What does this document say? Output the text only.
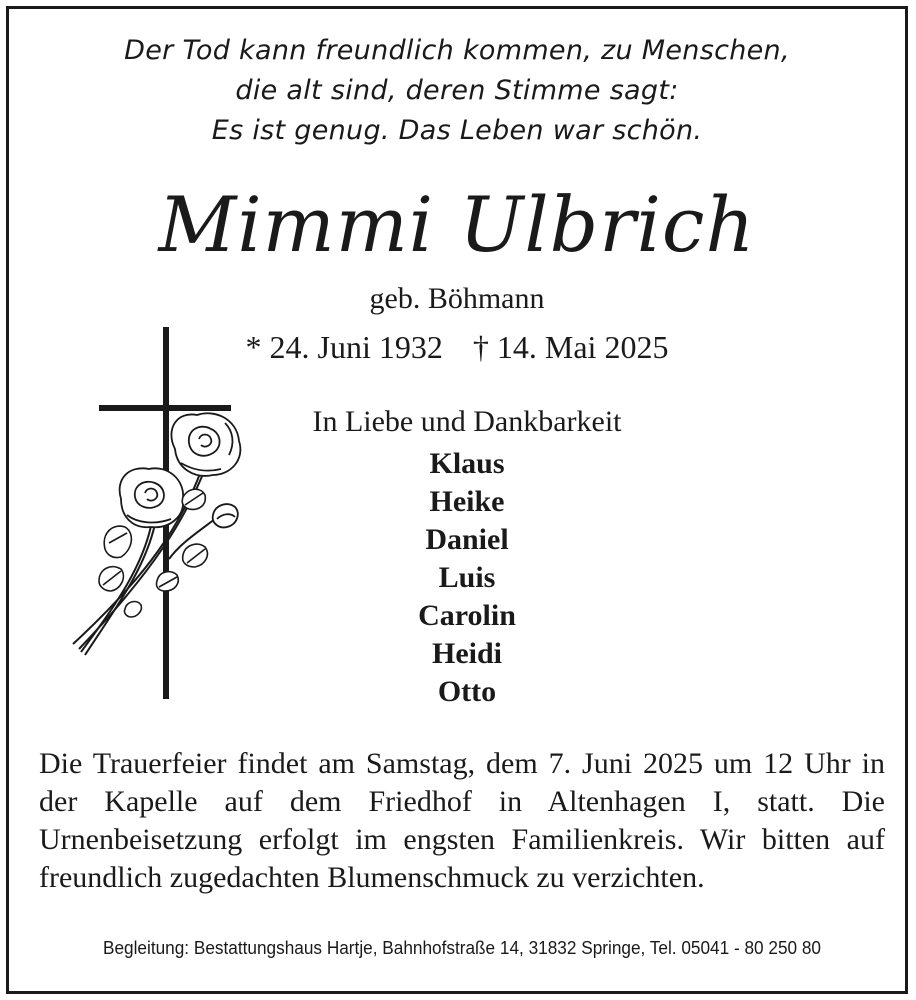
Der Tod kann freundlich kommen, zu Menschen,
die alt sind, deren Stimme sagt:
Es ist genug. Das Leben war schön.
Mimmi Ulbrich
geb. Böhmann
* 24. Juni 1932 † 14. Mai 2025
In Liebe und Dankbarkeit
Klaus
Heike
Daniel
Luis
Carolin
Heidi
Otto

Die Trauerfeier findet am Samstag, dem 7. Juni 2025 um 12 Uhr in der Kapelle auf dem Friedhof in Altenhagen I, statt. Die Urnenbeisetzung erfolgt im engsten Familienkreis. Wir bitten auf freundlich zugedachten Blumenschmuck zu verzichten.

Begleitung: Bestattungshaus Hartje, Bahnhofstraße 14, 31832 Springe, Tel. 05041 - 80 250 80
